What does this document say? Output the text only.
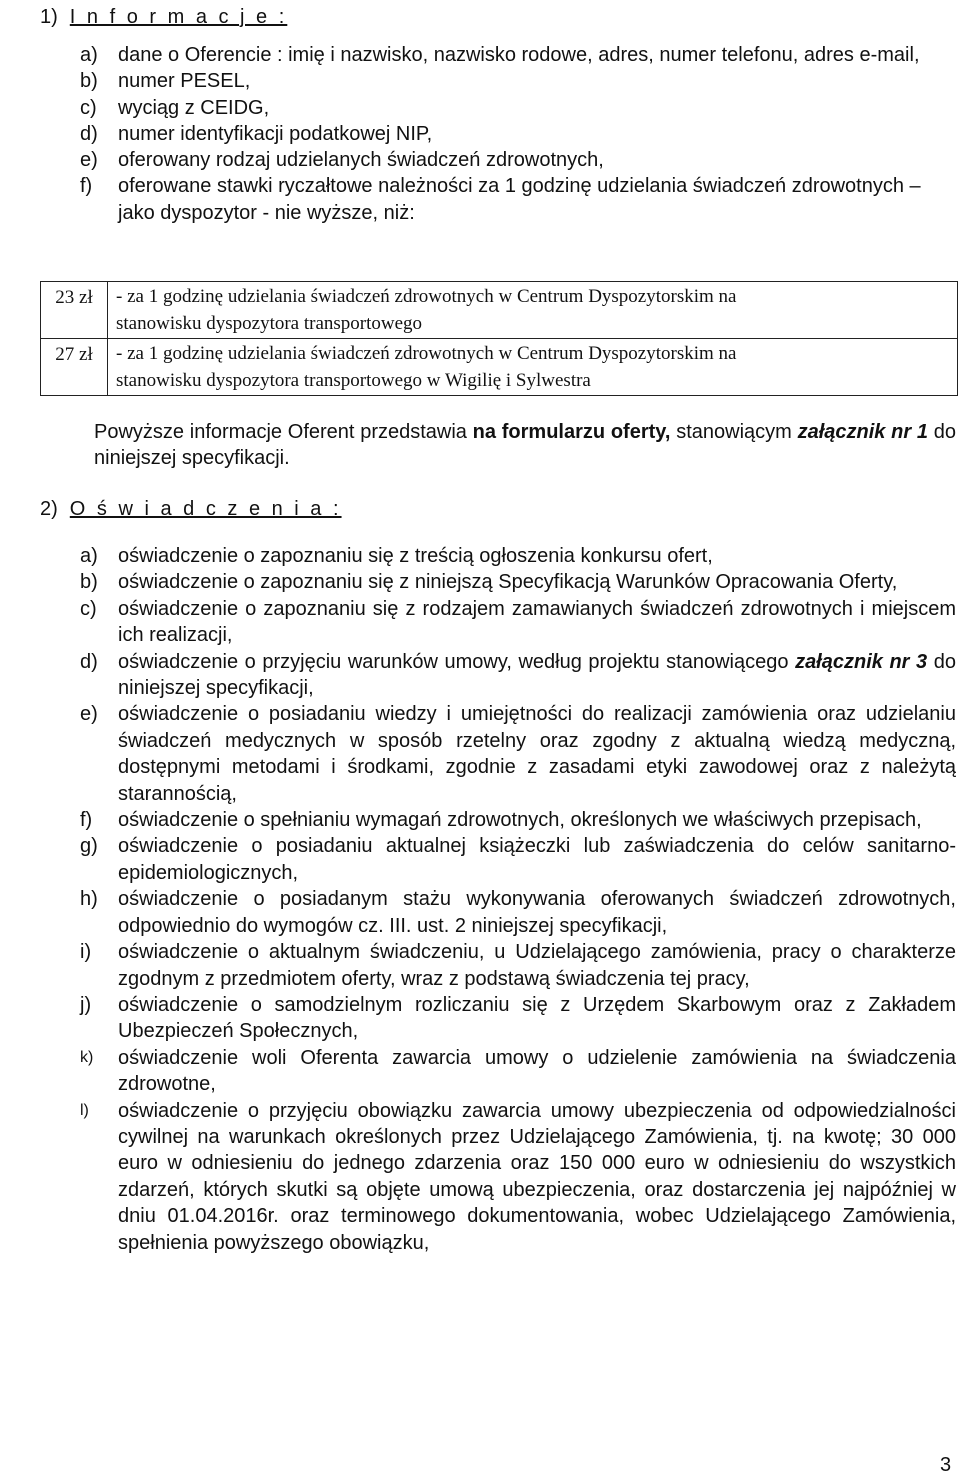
1) I n f o r m a c j e :
a) dane o Oferencie : imię i nazwisko, nazwisko rodowe, adres, numer telefonu, adres e-mail,
b) numer PESEL,
c) wyciąg z CEIDG,
d) numer identyfikacji podatkowej NIP,
e) oferowany rodzaj udzielanych świadczeń zdrowotnych,
f) oferowane stawki ryczałtowe należności za 1 godzinę udzielania świadczeń zdrowotnych – jako dyspozytor - nie wyższe, niż:
23 zł	- za 1 godzinę udzielania świadczeń zdrowotnych w Centrum Dyspozytorskim na
stanowisku dyspozytora transportowego

27 zł	- za 1 godzinę udzielania świadczeń zdrowotnych w Centrum Dyspozytorskim na
stanowisku dyspozytora transportowego w Wigilię i Sylwestra
Powyższe informacje Oferent przedstawia na formularzu oferty, stanowiącym załącznik nr 1 do niniejszej specyfikacji.
2) O ś w i a d c z e n i a :
a) oświadczenie o zapoznaniu się z treścią ogłoszenia konkursu ofert,
b) oświadczenie o zapoznaniu się z niniejszą Specyfikacją Warunków Opracowania Oferty,
c) oświadczenie o zapoznaniu się z rodzajem zamawianych świadczeń zdrowotnych i miejscem ich realizacji,
d) oświadczenie o przyjęciu warunków umowy, według projektu stanowiącego załącznik nr 3 do niniejszej specyfikacji,
e) oświadczenie o posiadaniu wiedzy i umiejętności do realizacji zamówienia oraz udzielaniu świadczeń medycznych w sposób rzetelny oraz zgodny z aktualną wiedzą medyczną, dostępnymi metodami i środkami, zgodnie z zasadami etyki zawodowej oraz z należytą starannością,
f) oświadczenie o spełnianiu wymagań zdrowotnych, określonych we właściwych przepisach,
g) oświadczenie o posiadaniu aktualnej książeczki lub zaświadczenia do celów sanitarno-epidemiologicznych,
h) oświadczenie o posiadanym stażu wykonywania oferowanych świadczeń zdrowotnych, odpowiednio do wymogów cz. III. ust. 2 niniejszej specyfikacji,
i) oświadczenie o aktualnym świadczeniu, u Udzielającego zamówienia, pracy o charakterze zgodnym z przedmiotem oferty, wraz z podstawą świadczenia tej pracy,
j) oświadczenie o samodzielnym rozliczaniu się z Urzędem Skarbowym oraz z Zakładem Ubezpieczeń Społecznych,
k) oświadczenie woli Oferenta zawarcia umowy o udzielenie zamówienia na świadczenia zdrowotne,
l) oświadczenie o przyjęciu obowiązku zawarcia umowy ubezpieczenia od odpowiedzialności cywilnej na warunkach określonych przez Udzielającego Zamówienia, tj. na kwotę; 30 000 euro w odniesieniu do jednego zdarzenia oraz 150 000 euro w odniesieniu do wszystkich zdarzeń, których skutki są objęte umową ubezpieczenia, oraz dostarczenia jej najpóźniej w dniu 01.04.2016r. oraz terminowego dokumentowania, wobec Udzielającego Zamówienia, spełnienia powyższego obowiązku,
3
